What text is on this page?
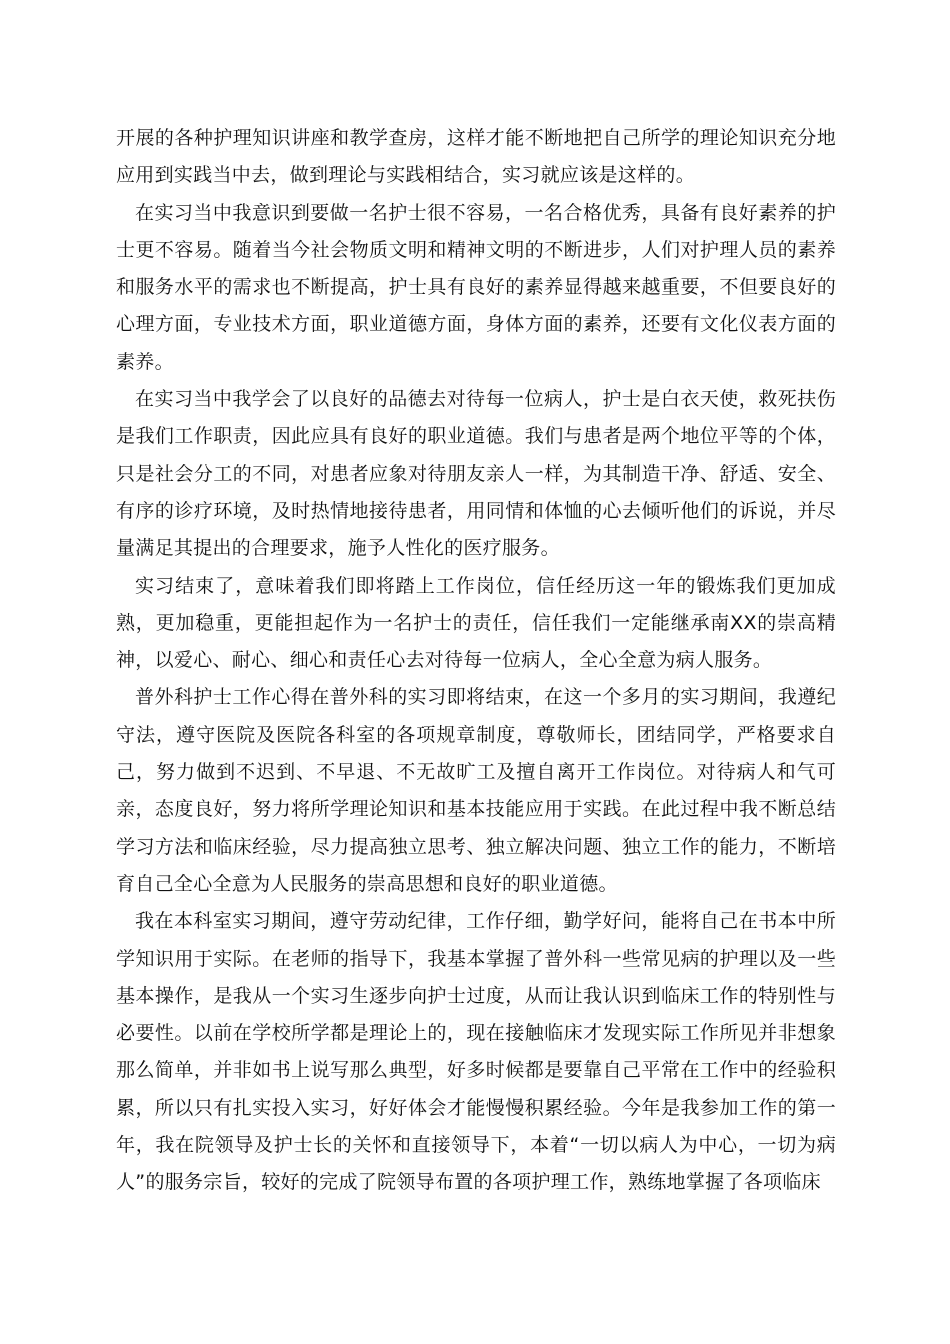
开展的各种护理知识讲座和教学查房，这样才能不断地把自己所学的理论知识充分地应用到实践当中去，做到理论与实践相结合，实习就应该是这样的。

在实习当中我意识到要做一名护士很不容易，一名合格优秀，具备有良好素养的护士更不容易。随着当今社会物质文明和精神文明的不断进步，人们对护理人员的素养和服务水平的需求也不断提高，护士具有良好的素养显得越来越重要，不但要良好的心理方面，专业技术方面，职业道德方面，身体方面的素养，还要有文化仪表方面的素养。

在实习当中我学会了以良好的品德去对待每一位病人，护士是白衣天使，救死扶伤是我们工作职责，因此应具有良好的职业道德。我们与患者是两个地位平等的个体，只是社会分工的不同，对患者应象对待朋友亲人一样，为其制造干净、舒适、安全、有序的诊疗环境，及时热情地接待患者，用同情和体恤的心去倾听他们的诉说，并尽量满足其提出的合理要求，施予人性化的医疗服务。

实习结束了，意味着我们即将踏上工作岗位，信任经历这一年的锻炼我们更加成熟，更加稳重，更能担起作为一名护士的责任，信任我们一定能继承南XX的崇高精神，以爱心、耐心、细心和责任心去对待每一位病人，全心全意为病人服务。

普外科护士工作心得在普外科的实习即将结束，在这一个多月的实习期间，我遵纪守法，遵守医院及医院各科室的各项规章制度，尊敬师长，团结同学，严格要求自己，努力做到不迟到、不早退、不无故旷工及擅自离开工作岗位。对待病人和气可亲，态度良好，努力将所学理论知识和基本技能应用于实践。在此过程中我不断总结学习方法和临床经验，尽力提高独立思考、独立解决问题、独立工作的能力，不断培育自己全心全意为人民服务的崇高思想和良好的职业道德。

我在本科室实习期间，遵守劳动纪律，工作仔细，勤学好问，能将自己在书本中所学知识用于实际。在老师的指导下，我基本掌握了普外科一些常见病的护理以及一些基本操作，是我从一个实习生逐步向护士过度，从而让我认识到临床工作的特别性与必要性。以前在学校所学都是理论上的，现在接触临床才发现实际工作所见并非想象那么简单，并非如书上说写那么典型，好多时候都是要靠自己平常在工作中的经验积累，所以只有扎实投入实习，好好体会才能慢慢积累经验。今年是我参加工作的第一年，我在院领导及护士长的关怀和直接领导下，本着“一切以病人为中心，一切为病人”的服务宗旨，较好的完成了院领导布置的各项护理工作，熟练地掌握了各项临床
